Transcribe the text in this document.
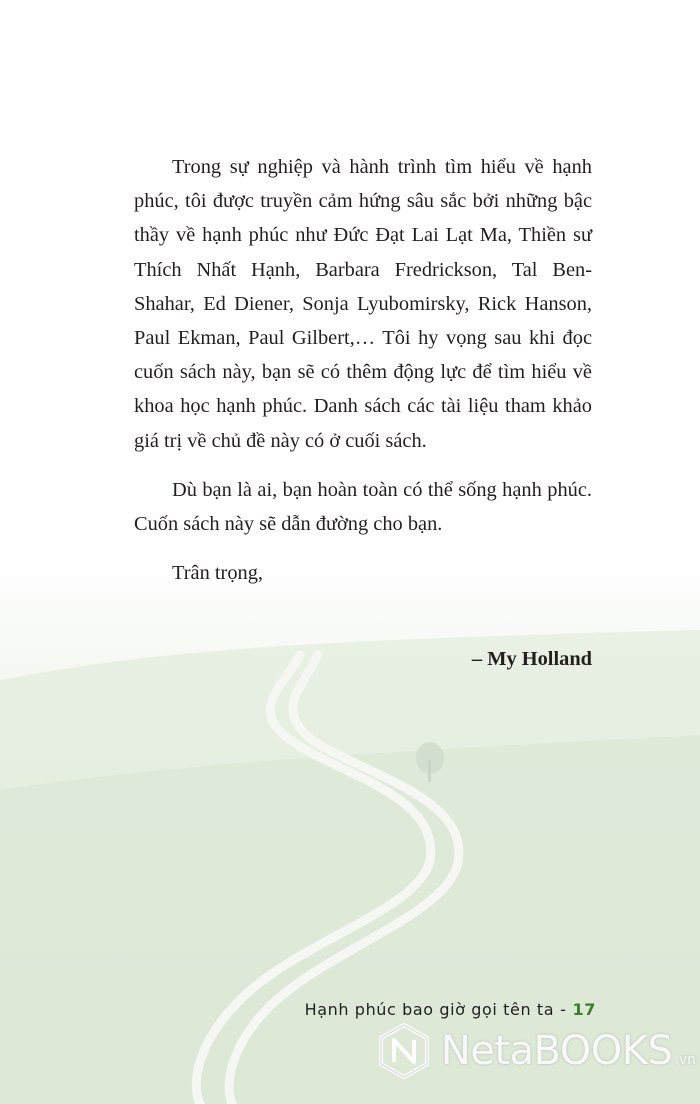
Trong sự nghiệp và hành trình tìm hiểu về hạnh phúc, tôi được truyền cảm hứng sâu sắc bởi những bậc thầy về hạnh phúc như Đức Đạt Lai Lạt Ma, Thiền sư Thích Nhất Hạnh, Barbara Fredrickson, Tal Ben-Shahar, Ed Diener, Sonja Lyubomirsky, Rick Hanson, Paul Ekman, Paul Gilbert,… Tôi hy vọng sau khi đọc cuốn sách này, bạn sẽ có thêm động lực để tìm hiểu về khoa học hạnh phúc. Danh sách các tài liệu tham khảo giá trị về chủ đề này có ở cuối sách.

Dù bạn là ai, bạn hoàn toàn có thể sống hạnh phúc. Cuốn sách này sẽ dẫn đường cho bạn.

Trân trọng,

– My Holland
Hạnh phúc bao giờ gọi tên ta - 17
NetaBOOKS .vn
